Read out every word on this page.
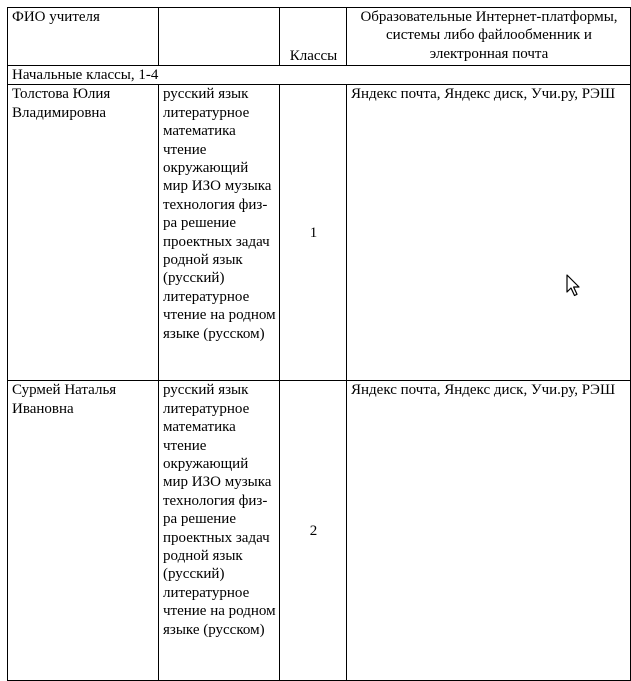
ФИО учителя		Классы	Образовательные Интернет-платформы, системы либо файлообменник и электронная почта
Начальные классы, 1-4			
Толстова Юлия Владимировна	русский язык литературное математика чтение окружающий мир ИЗО музыка технология физ-ра решение проектных задач родной язык (русский) литературное чтение на родном языке (русском)	1	Яндекс почта, Яндекс диск, Учи.ру, РЭШ
Сурмей Наталья Ивановна	русский язык литературное математика чтение окружающий мир ИЗО музыка технология физ-ра решение проектных задач родной язык (русский) литературное чтение на родном языке (русском)	2	Яндекс почта, Яндекс диск, Учи.ру, РЭШ
